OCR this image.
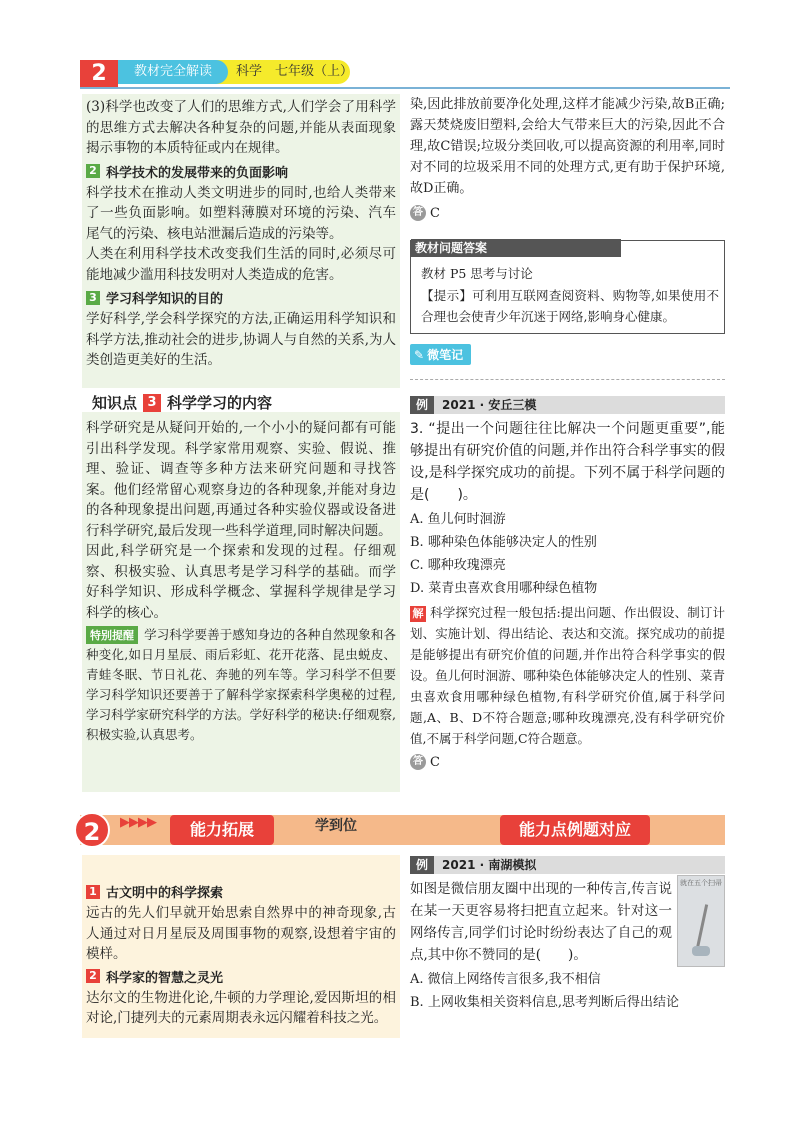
2	教材完全解读	科学　七年级（上）

(3)科学也改变了人们的思维方式,人们学会了用科学的思维方式去解决各种复杂的问题,并能从表面现象揭示事物的本质特征或内在规律。

2 科学技术的发展带来的负面影响

科学技术在推动人类文明进步的同时,也给人类带来了一些负面影响。如塑料薄膜对环境的污染、汽车尾气的污染、核电站泄漏后造成的污染等。

人类在利用科学技术改变我们生活的同时,必须尽可能地减少滥用科技发明对人类造成的危害。

3 学习科学知识的目的

学好科学,学会科学探究的方法,正确运用科学知识和科学方法,推动社会的进步,协调人与自然的关系,为人类创造更美好的生活。

知识点 3 科学学习的内容

科学研究是从疑问开始的,一个小小的疑问都有可能引出科学发现。科学家常用观察、实验、假说、推理、验证、调查等多种方法来研究问题和寻找答案。他们经常留心观察身边的各种现象,并能对身边的各种现象提出问题,再通过各种实验仪器或设备进行科学研究,最后发现一些科学道理,同时解决问题。

因此,科学研究是一个探索和发现的过程。仔细观察、积极实验、认真思考是学习科学的基础。而学好科学知识、形成科学概念、掌握科学规律是学习科学的核心。

特别提醒 学习科学要善于感知身边的各种自然现象和各种变化,如日月星辰、雨后彩虹、花开花落、昆虫蜕皮、青蛙冬眠、节日礼花、奔驰的列车等。学习科学不但要学习科学知识还要善于了解科学家探索科学奥秘的过程,学习科学家研究科学的方法。学好科学的秘诀:仔细观察,积极实验,认真思考。

染,因此排放前要净化处理,这样才能减少污染,故B正确;露天焚烧废旧塑料,会给大气带来巨大的污染,因此不合理,故C错误;垃圾分类回收,可以提高资源的利用率,同时对不同的垃圾采用不同的处理方式,更有助于保护环境,故D正确。

答 C
教材问题答案

教材 P5 思考与讨论

【提示】可利用互联网查阅资料、购物等,如果使用不合理也会使青少年沉迷于网络,影响身心健康。

✎ 微笔记
例	2021 · 安丘三模

3. “提出一个问题往往比解决一个问题更重要”,能够提出有研究价值的问题,并作出符合科学事实的假设,是科学探究成功的前提。下列不属于科学问题的是(　　)。

A. 鱼儿何时洄游
B. 哪种染色体能够决定人的性别
C. 哪种玫瑰漂亮
D. 菜青虫喜欢食用哪种绿色植物

解 科学探究过程一般包括:提出问题、作出假设、制订计划、实施计划、得出结论、表达和交流。探究成功的前提是能够提出有研究价值的问题,并作出符合科学事实的假设。鱼儿何时洄游、哪种染色体能够决定人的性别、菜青虫喜欢食用哪种绿色植物,有科学研究价值,属于科学问题,A、B、D不符合题意;哪种玫瑰漂亮,没有科学研究价值,不属于科学问题,C符合题意。

答 C
2	▶▶▶▶	能力拓展	学到位	能力点例题对应
1 古文明中的科学探索

远古的先人们早就开始思索自然界中的神奇现象,古人通过对日月星辰及周围事物的观察,设想着宇宙的模样。

2 科学家的智慧之灵光

达尔文的生物进化论,牛顿的力学理论,爱因斯坦的相对论,门捷列夫的元素周期表永远闪耀着科技之光。

例	2021 · 南湖模拟

如图是微信朋友圈中出现的一种传言,传言说在某一天更容易将扫把直立起来。针对这一网络传言,同学们讨论时纷纷表达了自己的观点,其中你不赞同的是(　　)。

A. 微信上网络传言很多,我不相信
B. 上网收集相关资料信息,思考判断后得出结论
就在五个扫帚
